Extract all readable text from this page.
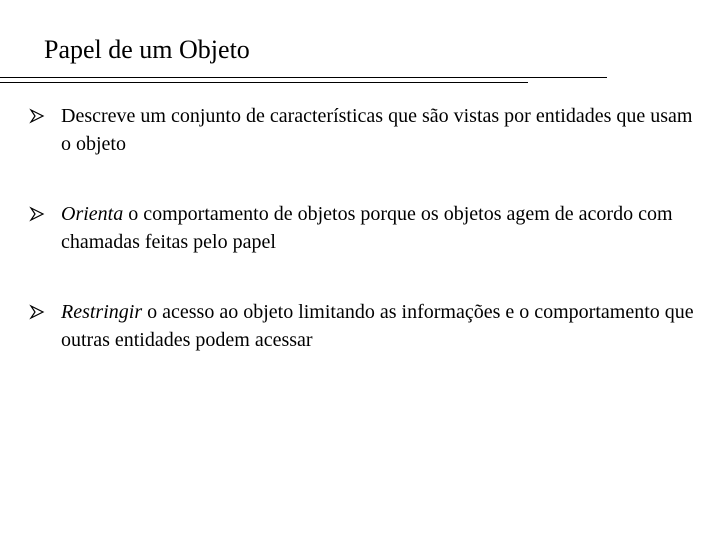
Papel de um Objeto
Descreve um conjunto de características que são vistas por entidades que usam o objeto
Orienta o comportamento de objetos porque os objetos agem de acordo com chamadas feitas pelo papel
Restringir o acesso ao objeto limitando as informações e o comportamento que outras entidades podem acessar
